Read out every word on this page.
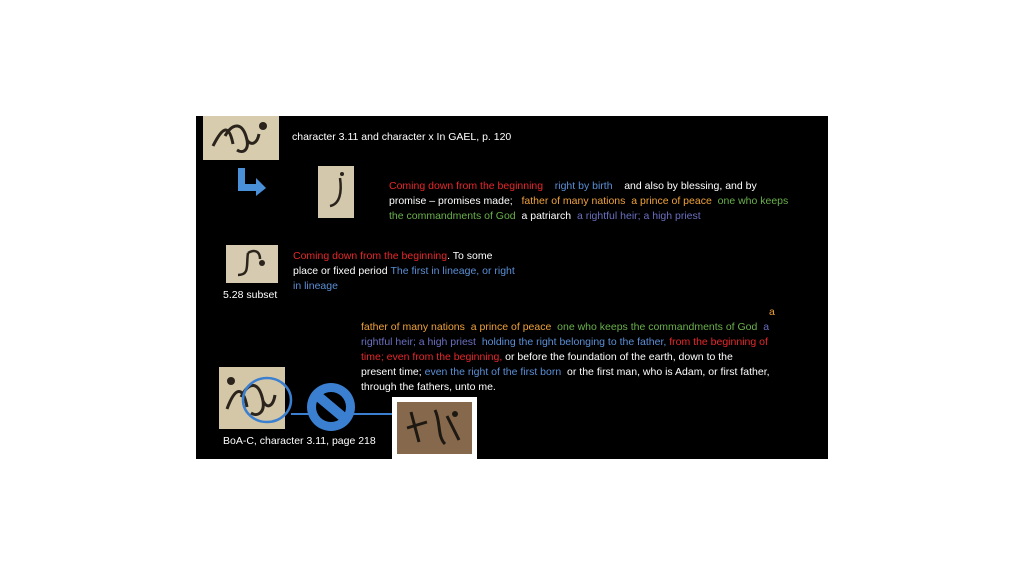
character 3.11 and character x In GAEL, p. 120
Coming down from the beginning right by birth and also by blessing, and by
promise – promises made; father of many nations a prince of peace one who keeps
the commandments of God a patriarch a rightful heir; a high priest
5.28 subset
Coming down from the beginning. To some
place or fixed period The first in lineage, or right
in lineage
a
father of many nations a prince of peace one who keeps the commandments of God a
rightful heir; a high priest holding the right belonging to the father, from the beginning of
time; even from the beginning, or before the foundation of the earth, down to the
present time; even the right of the first born or the first man, who is Adam, or first father,
through the fathers, unto me.
BoA-C, character 3.11, page 218
